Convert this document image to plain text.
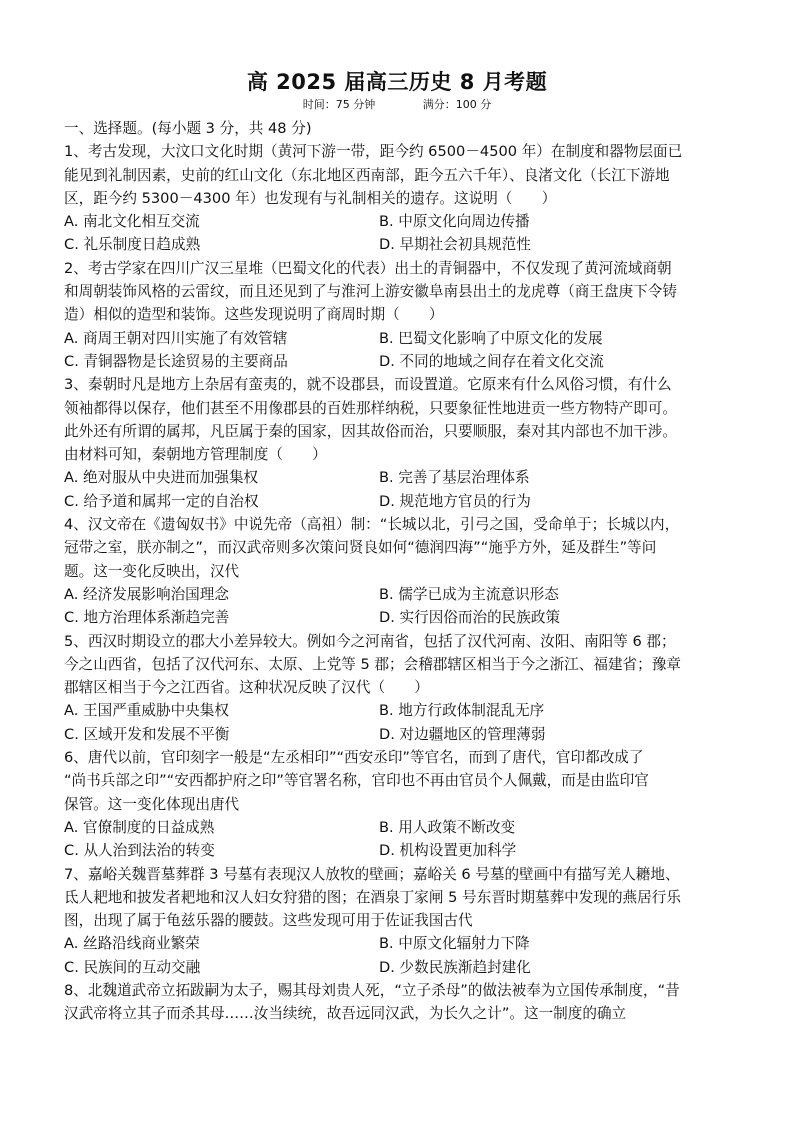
高 2025 届高三历史 8 月考题
时间：75 分钟	满分：100 分
一、选择题。(每小题 3 分，共 48 分)
1、考古发现，大汶口文化时期（黄河下游一带，距今约 6500－4500 年）在制度和器物层面已
能见到礼制因素，史前的红山文化（东北地区西南部，距今五六千年）、良渚文化（长江下游地
区，距今约 5300－4300 年）也发现有与礼制相关的遗存。这说明（　　）
A. 南北文化相互交流	B. 中原文化向周边传播
C. 礼乐制度日趋成熟	D. 早期社会初具规范性
2、考古学家在四川广汉三星堆（巴蜀文化的代表）出土的青铜器中，不仅发现了黄河流域商朝
和周朝装饰风格的云雷纹，而且还见到了与淮河上游安徽阜南县出土的龙虎尊（商王盘庚下令铸
造）相似的造型和装饰。这些发现说明了商周时期（　　）
A. 商周王朝对四川实施了有效管辖	B. 巴蜀文化影响了中原文化的发展
C. 青铜器物是长途贸易的主要商品	D. 不同的地域之间存在着文化交流
3、秦朝时凡是地方上杂居有蛮夷的，就不设郡县，而设置道。它原来有什么风俗习惯，有什么
领袖都得以保存，他们甚至不用像郡县的百姓那样纳税，只要象征性地进贡一些方物特产即可。
此外还有所谓的属邦，凡臣属于秦的国家，因其故俗而治，只要顺服，秦对其内部也不加干涉。
由材料可知，秦朝地方管理制度（　　）
A. 绝对服从中央进而加强集权	B. 完善了基层治理体系
C. 给予道和属邦一定的自治权	D. 规范地方官员的行为
4、汉文帝在《遗匈奴书》中说先帝（高祖）制：“长城以北，引弓之国，受命单于；长城以内，
冠带之室，朕亦制之”，而汉武帝则多次策问贤良如何“德润四海”“施乎方外，延及群生”等问
题。这一变化反映出，汉代
A. 经济发展影响治国理念	B. 儒学已成为主流意识形态
C. 地方治理体系渐趋完善	D. 实行因俗而治的民族政策
5、西汉时期设立的郡大小差异较大。例如今之河南省，包括了汉代河南、汝阳、南阳等 6 郡；
今之山西省，包括了汉代河东、太原、上党等 5 郡；会稽郡辖区相当于今之浙江、福建省；豫章
郡辖区相当于今之江西省。这种状况反映了汉代（　　）
A. 王国严重威胁中央集权	B. 地方行政体制混乱无序
C. 区域开发和发展不平衡	D. 对边疆地区的管理薄弱
6、唐代以前，官印刻字一般是“左丞相印”“西安丞印”等官名，而到了唐代，官印都改成了
“尚书兵部之印”“安西都护府之印”等官署名称，官印也不再由官员个人佩戴，而是由监印官
保管。这一变化体现出唐代
A. 官僚制度的日益成熟	B. 用人政策不断改变
C. 从人治到法治的转变	D. 机构设置更加科学
7、嘉峪关魏晋墓葬群 3 号墓有表现汉人放牧的壁画；嘉峪关 6 号墓的壁画中有描写羌人耱地、
氐人耙地和披发者耙地和汉人妇女狩猎的图；在酒泉丁家闸 5 号东晋时期墓葬中发现的燕居行乐
图，出现了属于龟兹乐器的腰鼓。这些发现可用于佐证我国古代
A. 丝路沿线商业繁荣	B. 中原文化辐射力下降
C. 民族间的互动交融	D. 少数民族渐趋封建化
8、北魏道武帝立拓跋嗣为太子，赐其母刘贵人死，“立子杀母”的做法被奉为立国传承制度，“昔
汉武帝将立其子而杀其母……汝当续统，故吾远同汉武，为长久之计”。这一制度的确立
